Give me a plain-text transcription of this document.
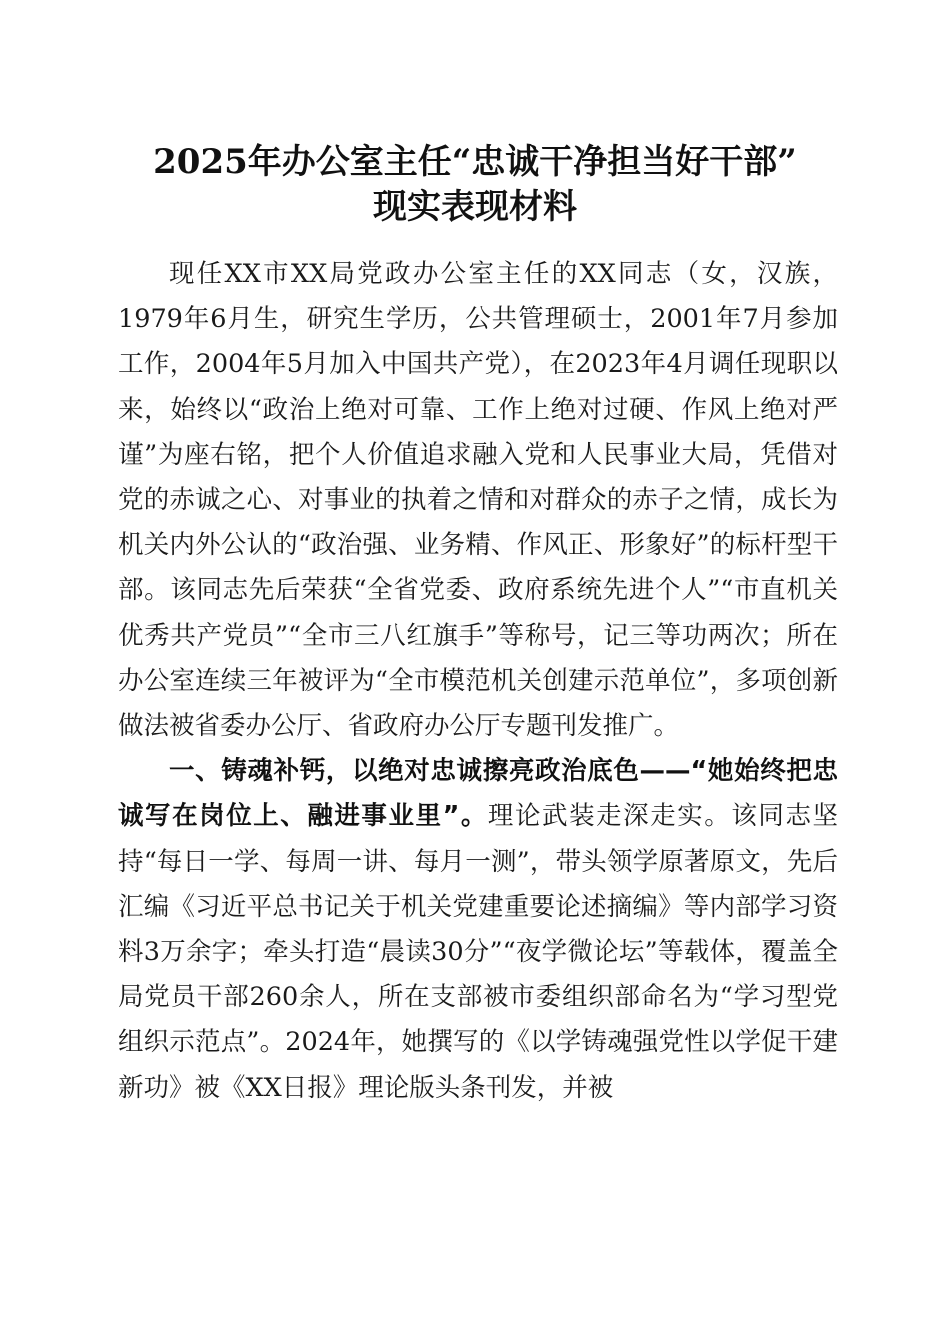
2025年办公室主任“忠诚干净担当好干部”
现实表现材料

现任XX市XX局党政办公室主任的XX同志（女，汉族，1979年6月生，研究生学历，公共管理硕士，2001年7月参加工作，2004年5月加入中国共产党），在2023年4月调任现职以来，始终以“政治上绝对可靠、工作上绝对过硬、作风上绝对严谨”为座右铭，把个人价值追求融入党和人民事业大局，凭借对党的赤诚之心、对事业的执着之情和对群众的赤子之情，成长为机关内外公认的“政治强、业务精、作风正、形象好”的标杆型干部。该同志先后荣获“全省党委、政府系统先进个人”“市直机关优秀共产党员”“全市三八红旗手”等称号，记三等功两次；所在办公室连续三年被评为“全市模范机关创建示范单位”，多项创新做法被省委办公厅、省政府办公厅专题刊发推广。

一、铸魂补钙，以绝对忠诚擦亮政治底色——“她始终把忠诚写在岗位上、融进事业里”。理论武装走深走实。该同志坚持“每日一学、每周一讲、每月一测”，带头领学原著原文，先后汇编《习近平总书记关于机关党建重要论述摘编》等内部学习资料3万余字；牵头打造“晨读30分”“夜学微论坛”等载体，覆盖全局党员干部260余人，所在支部被市委组织部命名为“学习型党组织示范点”。2024年，她撰写的《以学铸魂强党性以学促干建新功》被《XX日报》理论版头条刊发，并被
